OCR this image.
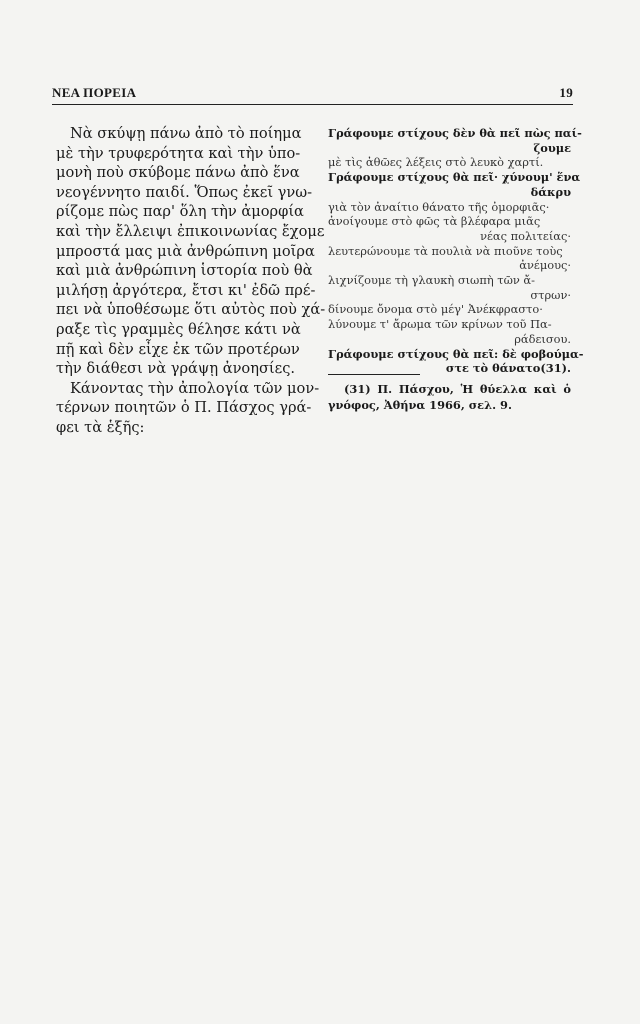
ΝΕΑ ΠΟΡΕΙΑ	19

Νὰ σκύψῃ πάνω ἀπὸ τὸ ποίημα
μὲ τὴν τρυφερότητα καὶ τὴν ὑπο-
μονὴ ποὺ σκύβομε πάνω ἀπὸ ἕνα
νεογέννητο παιδί. Ὅπως ἐκεῖ γνω-
ρίζομε πὼς παρ' ὅλη τὴν ἀμορφία
καὶ τὴν ἔλλειψι ἐπικοινωνίας ἔχομε
μπροστά μας μιὰ ἀνθρώπινη μοῖρα
καὶ μιὰ ἀνθρώπινη ἱστορία ποὺ θὰ
μιλήσῃ ἀργότερα, ἔτσι κι' ἐδῶ πρέ-
πει νὰ ὑποθέσωμε ὅτι αὐτὸς ποὺ χά-
ραξε τὶς γραμμὲς θέλησε κάτι νὰ
πῇ καὶ δὲν εἶχε ἐκ τῶν προτέρων
τὴν διάθεσι νὰ γράψῃ ἀνοησίες.

Κάνοντας τὴν ἀπολογία τῶν μον-
τέρνων ποιητῶν ὁ Π. Πάσχος γρά-
φει τὰ ἑξῆς:

Γράφουμε στίχους δὲν θὰ πεῖ πὼς παί-
ζουμε
μὲ τὶς ἀθῶες λέξεις στὸ λευκὸ χαρτί.
Γράφουμε στίχους θὰ πεῖ· χύνουμ' ἕνα
δάκρυ
γιὰ τὸν ἀναίτιο θάνατο τῆς ὀμορφιᾶς·
ἀνοίγουμε στὸ φῶς τὰ βλέφαρα μιᾶς
νέας πολιτείας·
λευτερώνουμε τὰ πουλιὰ νὰ πιοῦνε τοὺς
ἀνέμους·
λιχνίζουμε τὴ γλαυκὴ σιωπὴ τῶν ἄ-
στρων·
δίνουμε ὄνομα στὸ μέγ' Ἀνέκφραστο·
λύνουμε τ' ἄρωμα τῶν κρίνων τοῦ Πα-
ράδεισου.
Γράφουμε στίχους θὰ πεῖ: δὲ φοβούμα-
στε τὸ θάνατο(31).
(31) Π. Πάσχου, Ἡ θύελλα καὶ ὁ γνόφος, Ἀθήνα 1966, σελ. 9.
